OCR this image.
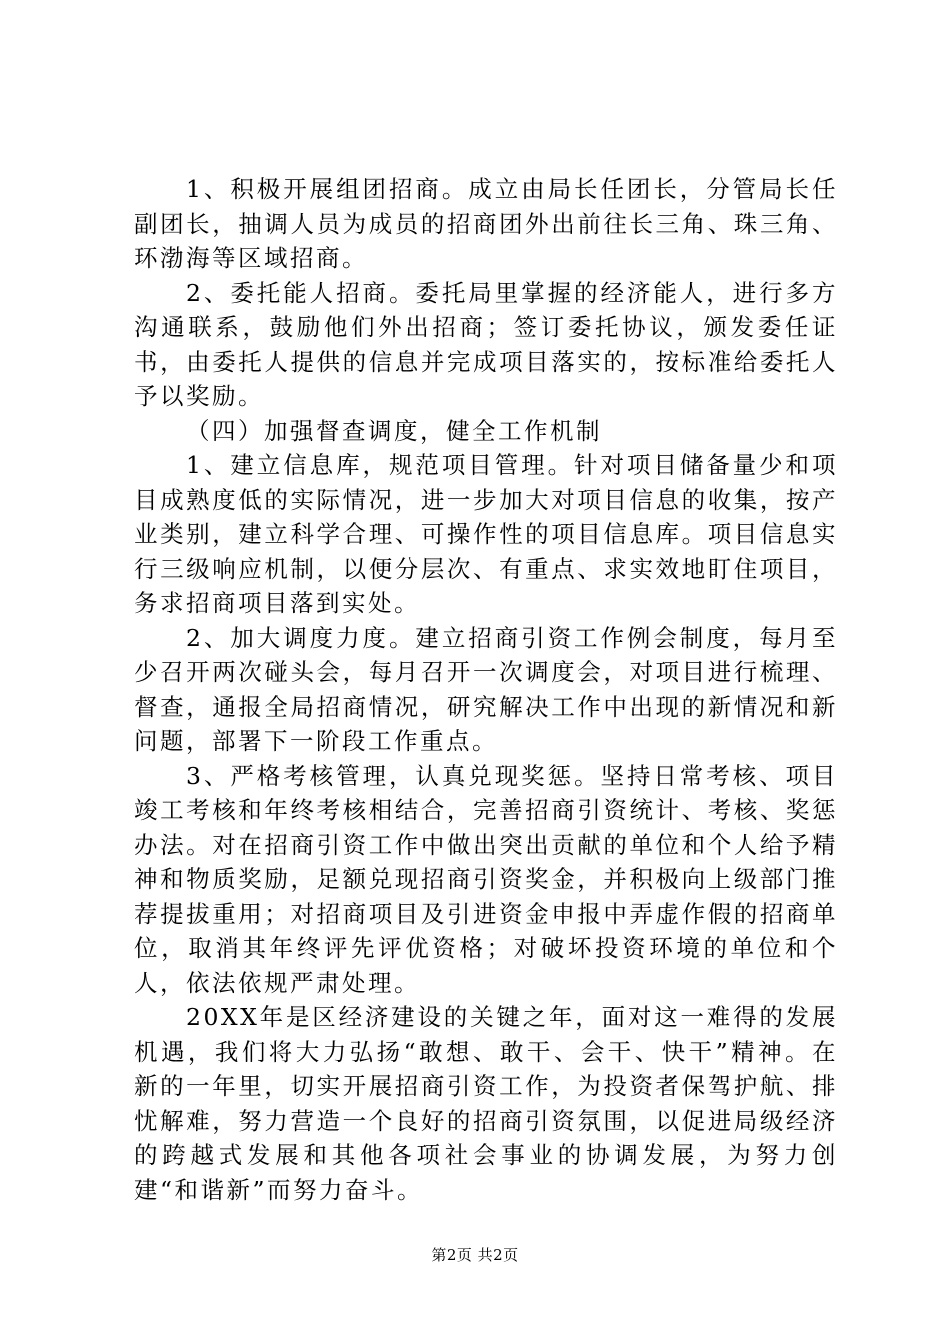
1、积极开展组团招商。成立由局长任团长，分管局长任副团长，抽调人员为成员的招商团外出前往长三角、珠三角、环渤海等区域招商。

2、委托能人招商。委托局里掌握的经济能人，进行多方沟通联系，鼓励他们外出招商；签订委托协议，颁发委任证书，由委托人提供的信息并完成项目落实的，按标准给委托人予以奖励。

（四）加强督查调度，健全工作机制

1、建立信息库，规范项目管理。针对项目储备量少和项目成熟度低的实际情况，进一步加大对项目信息的收集，按产业类别，建立科学合理、可操作性的项目信息库。项目信息实行三级响应机制，以便分层次、有重点、求实效地盯住项目，务求招商项目落到实处。

2、加大调度力度。建立招商引资工作例会制度，每月至少召开两次碰头会，每月召开一次调度会，对项目进行梳理、督查，通报全局招商情况，研究解决工作中出现的新情况和新问题，部署下一阶段工作重点。

3、严格考核管理，认真兑现奖惩。坚持日常考核、项目竣工考核和年终考核相结合，完善招商引资统计、考核、奖惩办法。对在招商引资工作中做出突出贡献的单位和个人给予精神和物质奖励，足额兑现招商引资奖金，并积极向上级部门推荐提拔重用；对招商项目及引进资金申报中弄虚作假的招商单位，取消其年终评先评优资格；对破坏投资环境的单位和个人，依法依规严肃处理。

20XX年是区经济建设的关键之年，面对这一难得的发展机遇，我们将大力弘扬“敢想、敢干、会干、快干”精神。在新的一年里，切实开展招商引资工作，为投资者保驾护航、排忧解难，努力营造一个良好的招商引资氛围，以促进局级经济的跨越式发展和其他各项社会事业的协调发展，为努力创建“和谐新”而努力奋斗。

第2页 共2页
